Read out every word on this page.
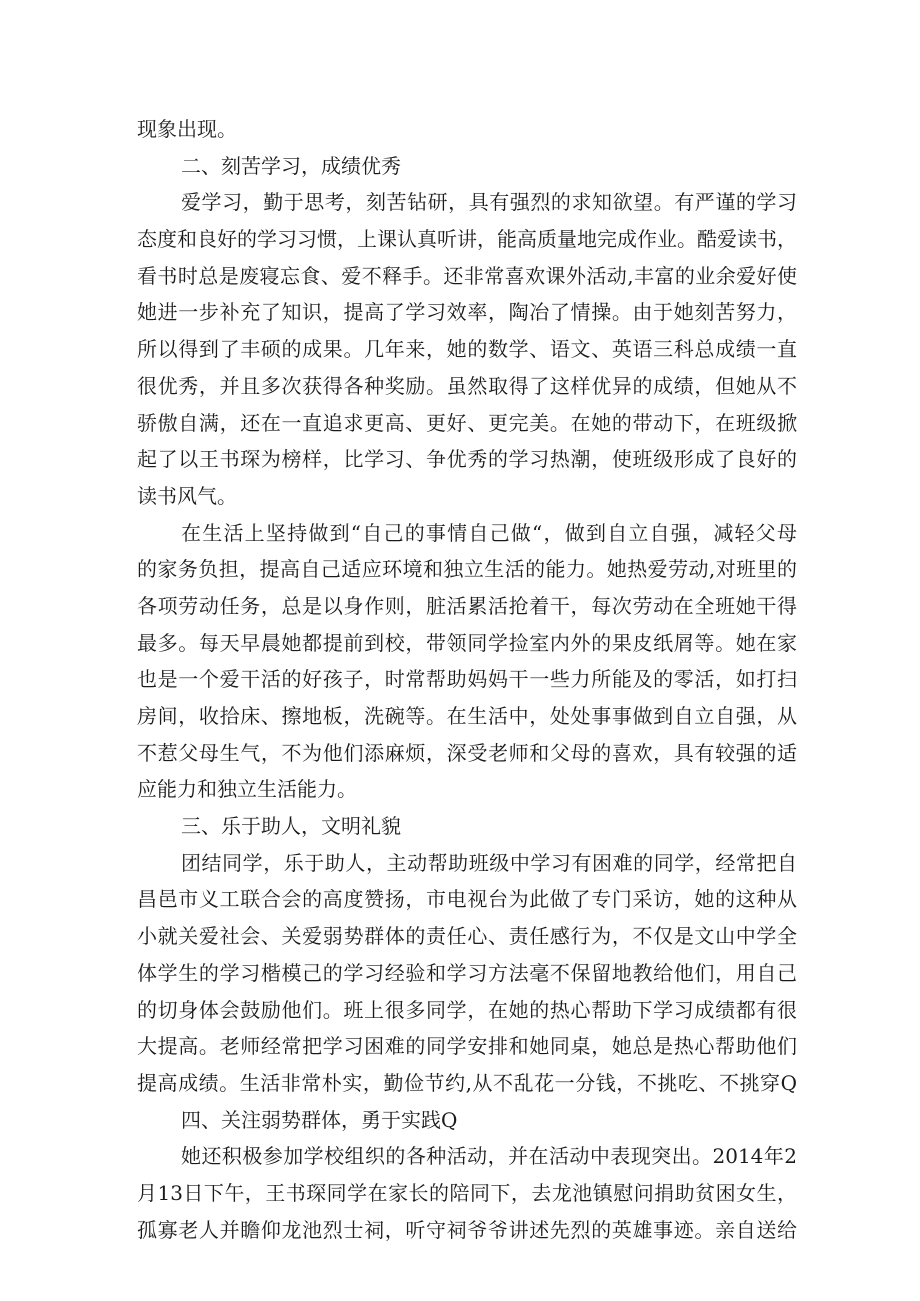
现象出现。
二、刻苦学习，成绩优秀
爱学习，勤于思考，刻苦钻研，具有强烈的求知欲望。有严谨的学习
态度和良好的学习习惯，上课认真听讲，能高质量地完成作业。酷爱读书，
看书时总是废寝忘食、爱不释手。还非常喜欢课外活动,丰富的业余爱好使
她进一步补充了知识，提高了学习效率，陶冶了情操。由于她刻苦努力，
所以得到了丰硕的成果。几年来，她的数学、语文、英语三科总成绩一直
很优秀，并且多次获得各种奖励。虽然取得了这样优异的成绩，但她从不
骄傲自满，还在一直追求更高、更好、更完美。在她的带动下，在班级掀
起了以王书琛为榜样，比学习、争优秀的学习热潮，使班级形成了良好的
读书风气。
在生活上坚持做到“自己的事情自己做“，做到自立自强，减轻父母
的家务负担，提高自己适应环境和独立生活的能力。她热爱劳动,对班里的
各项劳动任务，总是以身作则，脏活累活抢着干，每次劳动在全班她干得
最多。每天早晨她都提前到校，带领同学捡室内外的果皮纸屑等。她在家
也是一个爱干活的好孩子，时常帮助妈妈干一些力所能及的零活，如打扫
房间，收拾床、擦地板，洗碗等。在生活中，处处事事做到自立自强，从
不惹父母生气，不为他们添麻烦，深受老师和父母的喜欢，具有较强的适
应能力和独立生活能力。
三、乐于助人，文明礼貌
团结同学，乐于助人，主动帮助班级中学习有困难的同学，经常把自
昌邑市义工联合会的高度赞扬，市电视台为此做了专门采访，她的这种从
小就关爱社会、关爱弱势群体的责任心、责任感行为，不仅是文山中学全
体学生的学习楷模己的学习经验和学习方法毫不保留地教给他们，用自己
的切身体会鼓励他们。班上很多同学，在她的热心帮助下学习成绩都有很
大提高。老师经常把学习困难的同学安排和她同桌，她总是热心帮助他们
提高成绩。生活非常朴实，勤俭节约,从不乱花一分钱，不挑吃、不挑穿Q
四、关注弱势群体，勇于实践Q
她还积极参加学校组织的各种活动，并在活动中表现突出。2014年2
月13日下午，王书琛同学在家长的陪同下，去龙池镇慰问捐助贫困女生，
孤寡老人并瞻仰龙池烈士祠，听守祠爷爷讲述先烈的英雄事迹。亲自送给
